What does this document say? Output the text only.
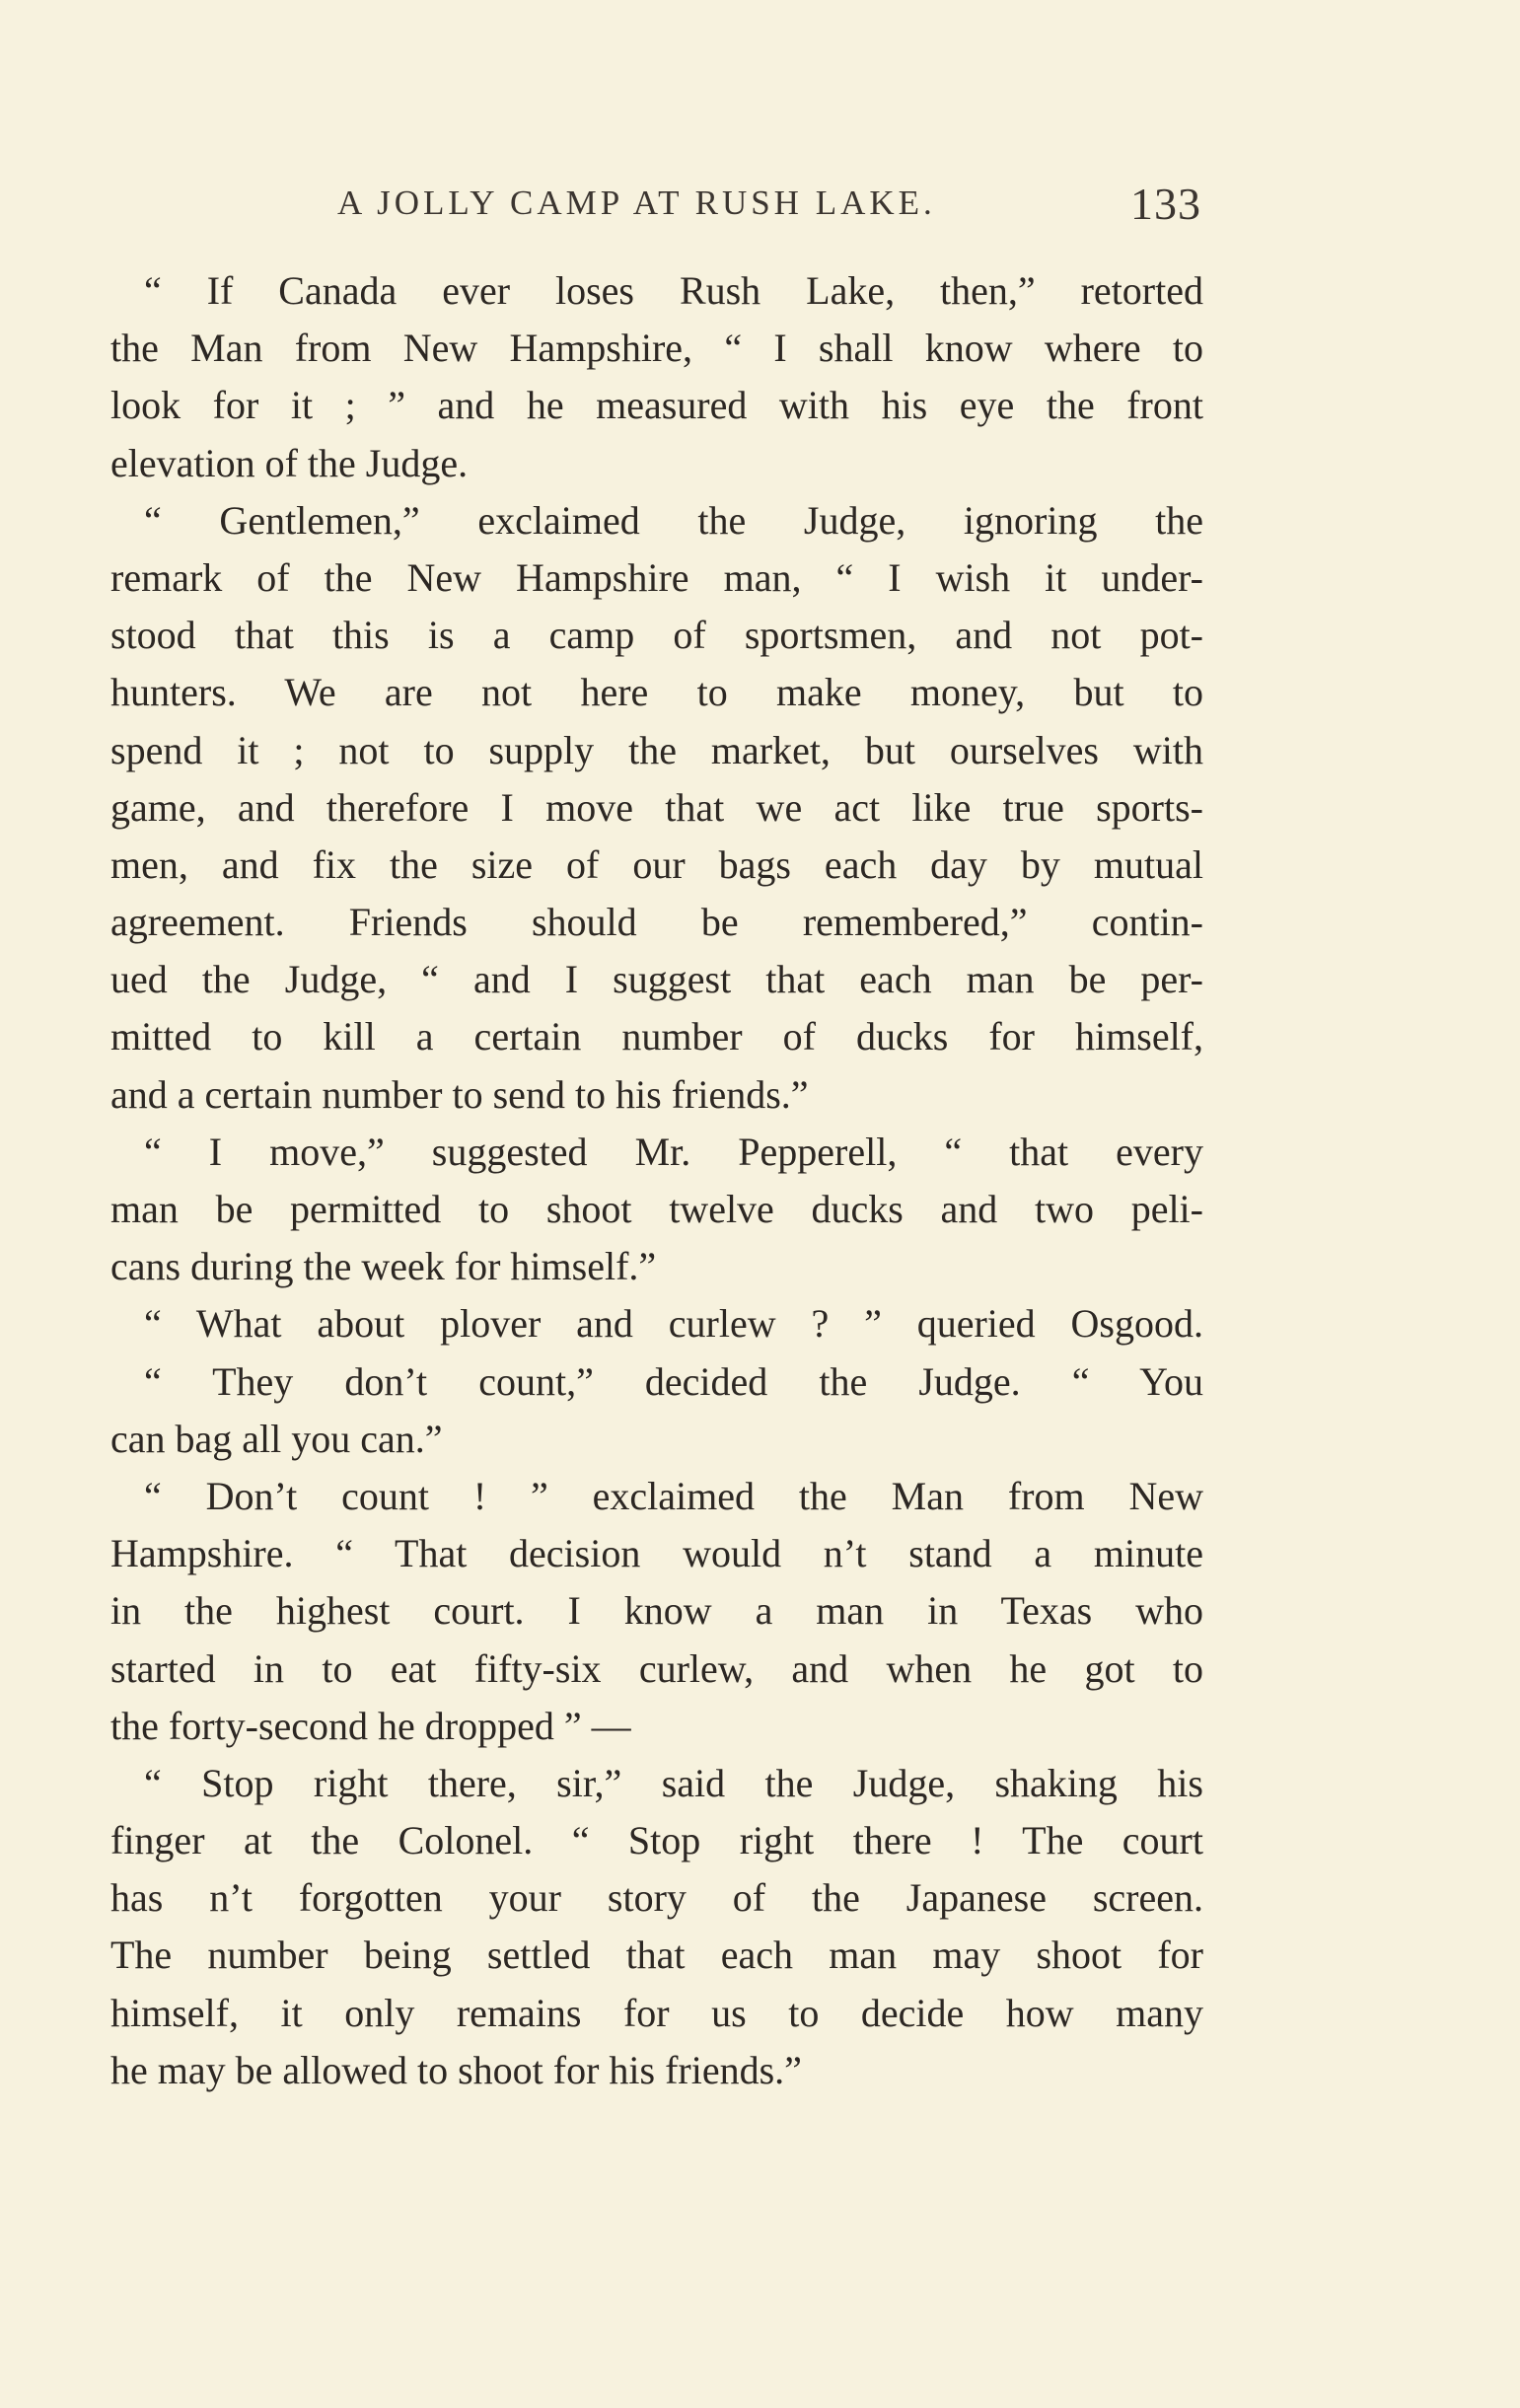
A JOLLY CAMP AT RUSH LAKE.	133
“ If Canada ever loses Rush Lake, then,” retorted
the Man from New Hampshire, “ I shall know where to
look for it ; ” and he measured with his eye the front
elevation of the Judge.
“ Gentlemen,” exclaimed the Judge, ignoring the
remark of the New Hampshire man, “ I wish it under-
stood that this is a camp of sportsmen, and not pot-
hunters. We are not here to make money, but to
spend it ; not to supply the market, but ourselves with
game, and therefore I move that we act like true sports-
men, and fix the size of our bags each day by mutual
agreement. Friends should be remembered,” contin-
ued the Judge, “ and I suggest that each man be per-
mitted to kill a certain number of ducks for himself,
and a certain number to send to his friends.”
“ I move,” suggested Mr. Pepperell, “ that every
man be permitted to shoot twelve ducks and two peli-
cans during the week for himself.”
“ What about plover and curlew ? ” queried Osgood.
“ They don’t count,” decided the Judge. “ You
can bag all you can.”
“ Don’t count ! ” exclaimed the Man from New
Hampshire. “ That decision would n’t stand a minute
in the highest court. I know a man in Texas who
started in to eat fifty-six curlew, and when he got to
the forty-second he dropped ” —
“ Stop right there, sir,” said the Judge, shaking his
finger at the Colonel. “ Stop right there ! The court
has n’t forgotten your story of the Japanese screen.
The number being settled that each man may shoot for
himself, it only remains for us to decide how many
he may be allowed to shoot for his friends.”
